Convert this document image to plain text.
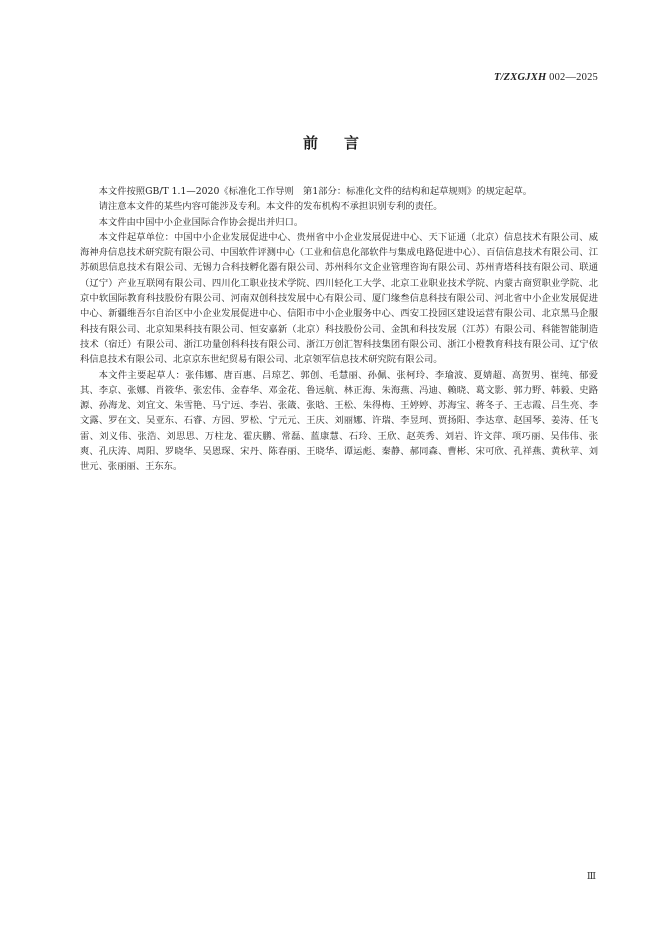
T/ZXGJXH 002—2025
前言

本文件按照GB/T 1.1—2020《标准化工作导则　第1部分：标准化文件的结构和起草规则》的规定起草。

请注意本文件的某些内容可能涉及专利。本文件的发布机构不承担识别专利的责任。

本文件由中国中小企业国际合作协会提出并归口。

本文件起草单位：中国中小企业发展促进中心、贵州省中小企业发展促进中心、天下证通（北京）信息技术有限公司、威海神舟信息技术研究院有限公司、中国软件评测中心（工业和信息化部软件与集成电路促进中心）、百信信息技术有限公司、江苏硕思信息技术有限公司、无锡力合科技孵化器有限公司、苏州科尔文企业管理咨询有限公司、苏州青塔科技有限公司、联通（辽宁）产业互联网有限公司、四川化工职业技术学院、四川轻化工大学、北京工业职业技术学院、内蒙古商贸职业学院、北京中软国际教育科技股份有限公司、河南双创科技发展中心有限公司、厦门缘叁信息科技有限公司、河北省中小企业发展促进中心、新疆维吾尔自治区中小企业发展促进中心、信阳市中小企业服务中心、西安工投园区建设运营有限公司、北京黑马企服科技有限公司、北京知果科技有限公司、恒安嘉新（北京）科技股份公司、金凯和科技发展（江苏）有限公司、科能智能制造技术（宿迁）有限公司、浙江功量创科科技有限公司、浙江万创汇智科技集团有限公司、浙江小橙教育科技有限公司、辽宁依科信息技术有限公司、北京京东世纪贸易有限公司、北京领军信息技术研究院有限公司。

本文件主要起草人：张伟娜、唐百惠、吕琼艺、郭创、毛慧丽、孙佩、张柯玲、李瑜波、夏婧超、高贺男、崔纯、郁爱其、李京、张娜、肖筱华、张宏伟、金春华、邓金花、鲁远航、林正海、朱海燕、冯迪、赖晓、葛文影、郭力野、韩毅、史路源、孙海龙、刘宜文、朱雪艳、马宁远、李岩、张箴、张晗、王松、朱得梅、王婷婷、苏海宝、蒋冬子、王志霞、吕生亮、李文露、罗在文、吴亚东、石睿、方园、罗松、宁元元、王庆、刘丽娜、许瑞、李昱珂、贾扬阳、李达章、赵国琴、姜涛、任飞雷、刘义伟、张浩、刘思思、万柱龙、霍庆鹏、常磊、蓝康慧、石玲、王欣、赵英秀、刘岩、许文萍、项巧丽、吴伟伟、张爽、孔庆涛、周阳、罗晓华、吴恩琛、宋丹、陈春丽、王晓华、谭运彪、秦静、郝同森、曹彬、宋可欣、孔祥燕、黄秋苹、刘世元、张丽丽、王东东。

Ⅲ
